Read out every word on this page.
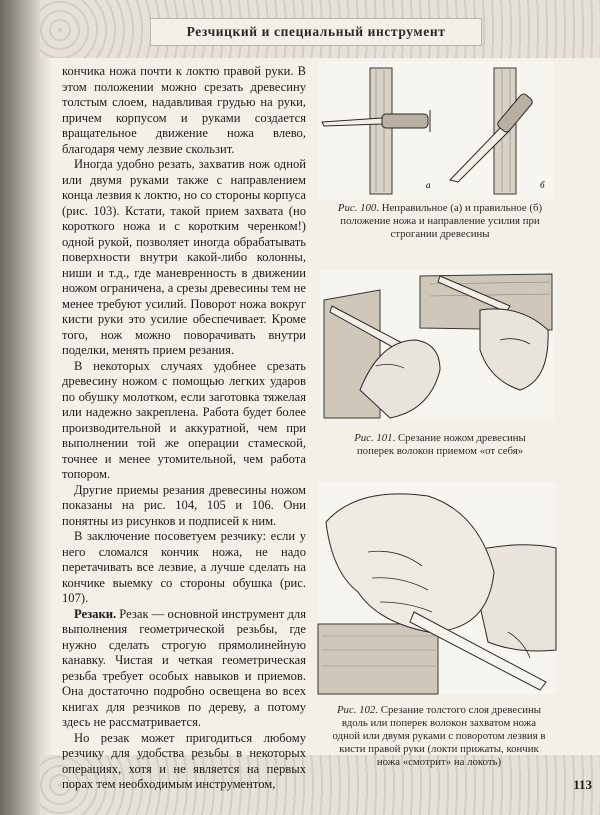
Резчицкий и специальный инструмент

кончика ножа почти к локтю правой руки. В этом положении можно срезать древесину толстым слоем, надавливая грудью на руки, причем корпусом и руками создается вращательное движение ножа влево, благодаря чему лезвие скользит.

Иногда удобно резать, захватив нож одной или двумя руками также с направлением конца лезвия к локтю, но со стороны корпуса (рис. 103). Кстати, такой прием захвата (но короткого ножа и с коротким черенком!) одной рукой, позволяет иногда обрабатывать поверхности внутри какой-либо колонны, ниши и т.д., где маневренность в движении ножом ограничена, а срезы древесины тем не менее требуют усилий. Поворот ножа вокруг кисти руки это усилие обеспечивает. Кроме того, нож можно поворачивать внутри поделки, менять прием резания.

В некоторых случаях удобнее срезать древесину ножом с помощью легких ударов по обушку молотком, если заготовка тяжелая или надежно закреплена. Работа будет более производительной и аккуратной, чем при выполнении той же операции стамеской, точнее и менее утомительной, чем работа топором.

Другие приемы резания древесины ножом показаны на рис. 104, 105 и 106. Они понятны из рисунков и подписей к ним.

В заключение посоветуем резчику: если у него сломался кончик ножа, не надо перетачивать все лезвие, а лучше сделать на кончике выемку со стороны обушка (рис. 107).

Резаки. Резак — основной инструмент для выполнения геометрической резьбы, где нужно сделать строгую прямолинейную канавку. Чистая и четкая геометрическая резьба требует особых навыков и приемов. Она достаточно подробно освещена во всех книгах для резчиков по дереву, а потому здесь не рассматривается.

Но резак может пригодиться любому резчику для удобства резьбы в некоторых операциях, хотя и не является на первых порах тем необходимым инструментом,

а	б
Рис. 100. Неправильное (а) и правильное (б) положение ножа и направление усилия при строгании древесины
Рис. 101. Срезание ножом древесины поперек волокон приемом «от себя»
Рис. 102. Срезание толстого слоя древесины вдоль или поперек волокон захватом ножа одной или двумя руками с поворотом лезвия в кисти правой руки (локти прижаты, кончик ножа «смотрит» на локоть)
113
